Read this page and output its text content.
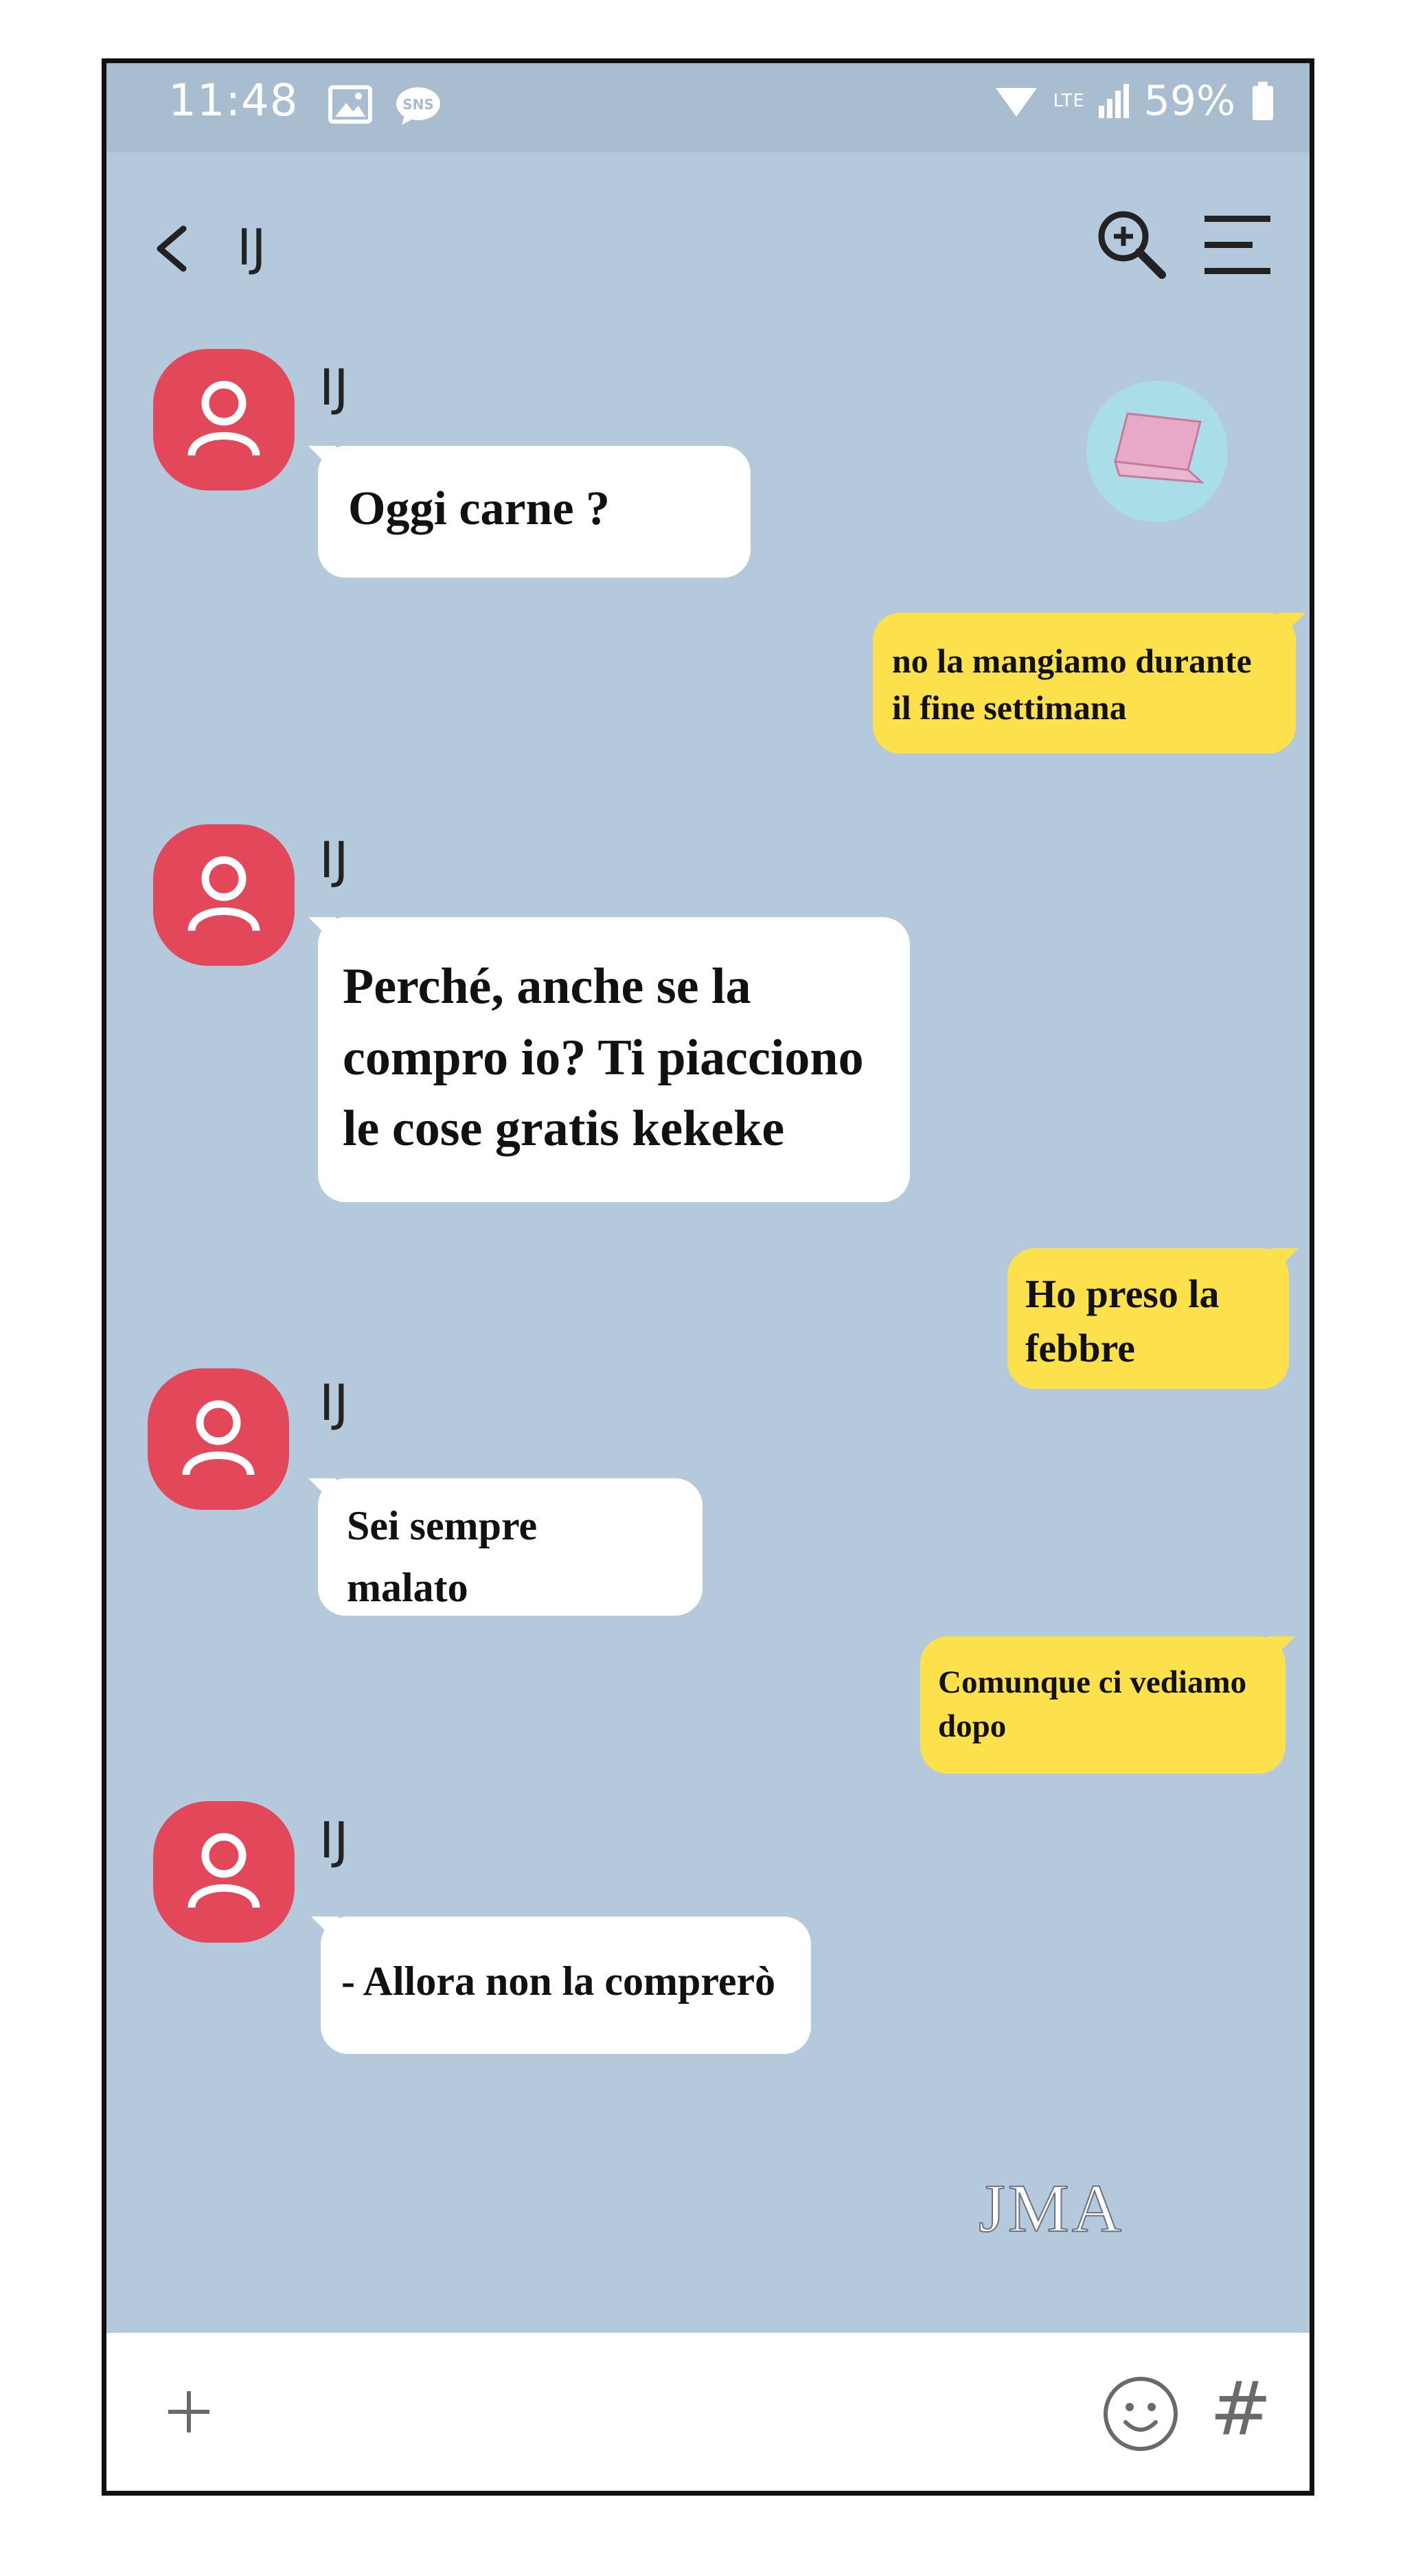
11:48	SNS	LTE 59%
IJ
IJ
Oggi carne ?
no la mangiamo durante
il fine settimana
IJ
Perché, anche se la
compro io? Ti piacciono
le cose gratis kekeke
Ho preso la
febbre
IJ
Sei sempre
malato
Comunque ci vediamo
dopo
IJ
- Allora non la comprerò
JMA
#
